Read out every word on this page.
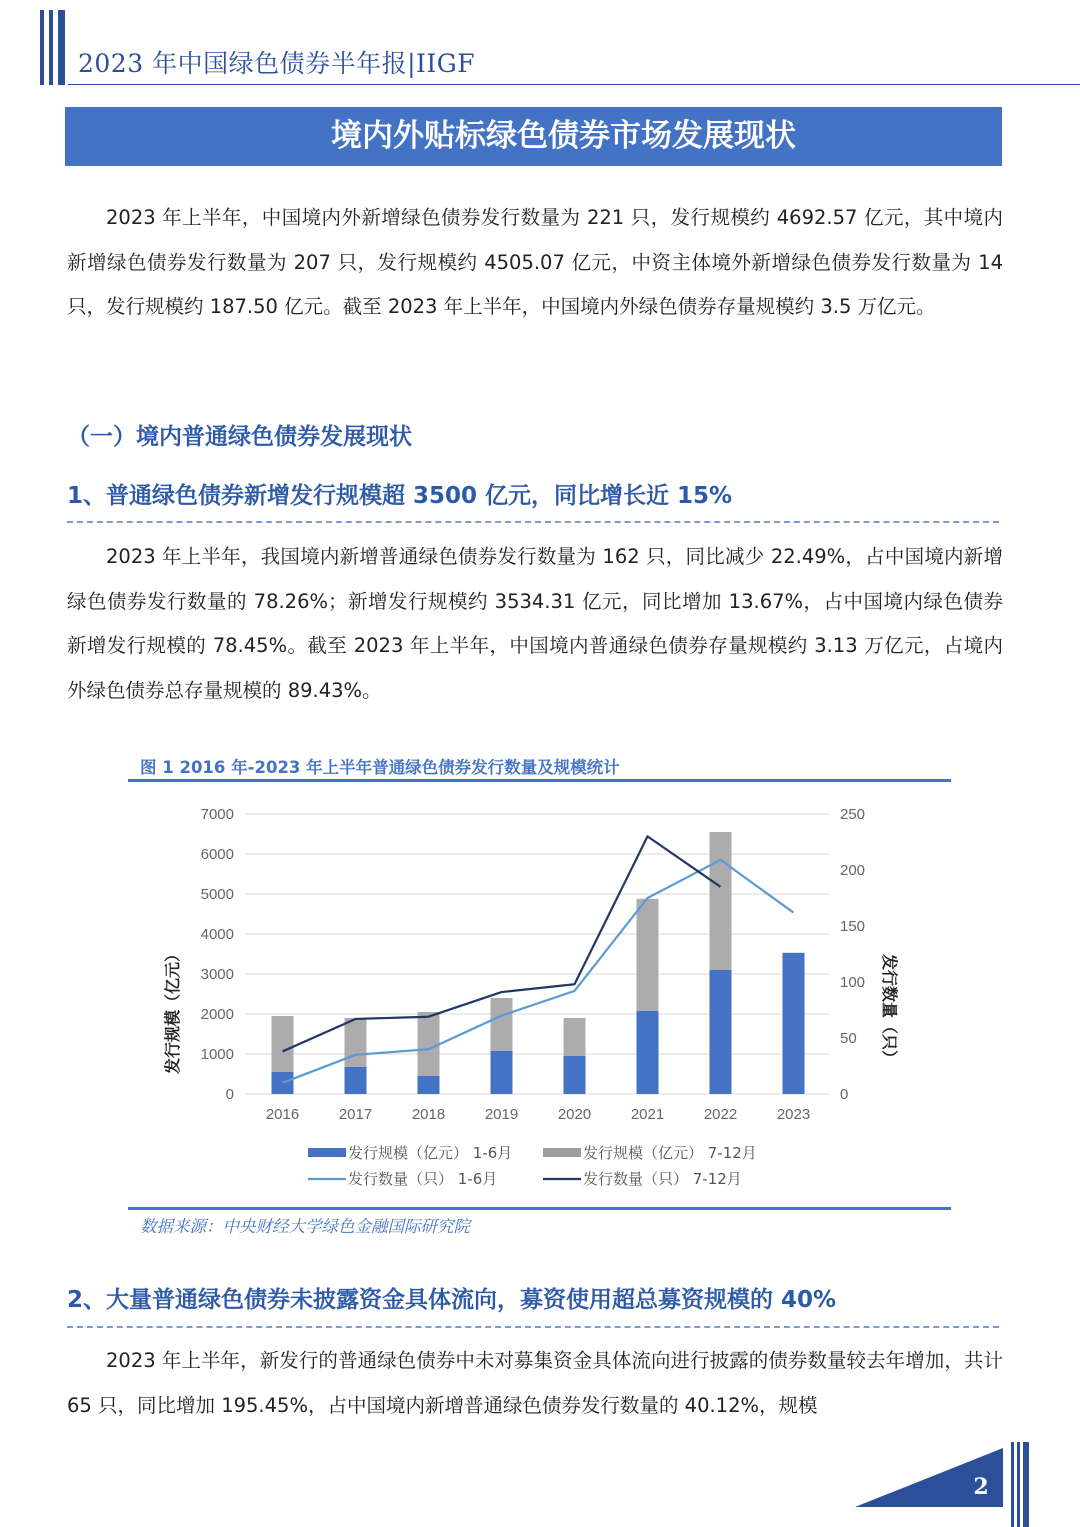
2023 年中国绿色债券半年报|IIGF
境内外贴标绿色债券市场发展现状

2023 年上半年，中国境内外新增绿色债券发行数量为 221 只，发行规模约 4692.57 亿元，其中境内新增绿色债券发行数量为 207 只，发行规模约 4505.07 亿元，中资主体境外新增绿色债券发行数量为 14 只，发行规模约 187.50 亿元。截至 2023 年上半年，中国境内外绿色债券存量规模约 3.5 万亿元。

（一）境内普通绿色债券发展现状
1、普通绿色债券新增发行规模超 3500 亿元，同比增长近 15%

2023 年上半年，我国境内新增普通绿色债券发行数量为 162 只，同比减少 22.49%，占中国境内新增绿色债券发行数量的 78.26%；新增发行规模约 3534.31 亿元，同比增加 13.67%，占中国境内绿色债券新增发行规模的 78.45%。截至 2023 年上半年，中国境内普通绿色债券存量规模约 3.13 万亿元，占境内外绿色债券总存量规模的 89.43%。

图 1 2016 年-2023 年上半年普通绿色债券发行数量及规模统计
0
1000
2000
3000
4000
5000
6000
7000
0
50
100
150
200
250
2016	2017	2018	2019	2020	2021	2022	2023
发行规模（亿元）	发行数量（只）
发行规模（亿元） 1-6月	发行规模（亿元） 7-12月
发行数量（只） 1-6月	发行数量（只） 7-12月
数据来源：中央财经大学绿色金融国际研究院
2、大量普通绿色债券未披露资金具体流向，募资使用超总募资规模的 40%

2023 年上半年，新发行的普通绿色债券中未对募集资金具体流向进行披露的债券数量较去年增加，共计 65 只，同比增加 195.45%，占中国境内新增普通绿色债券发行数量的 40.12%，规模

2
